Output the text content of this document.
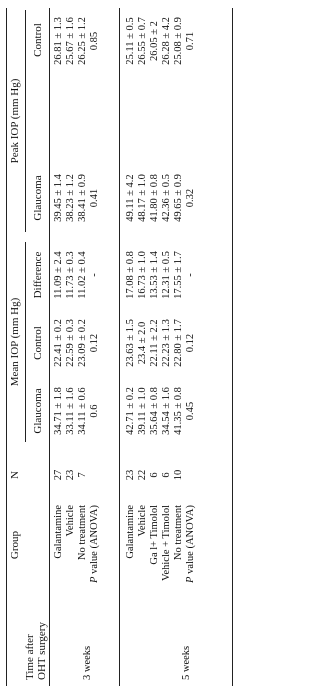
Time after OHT surgery
Group
N
Mean IOP (mm Hg)
Peak IOP (mm Hg)
Glaucoma
Control
Difference
Glaucoma
Control
3 weeks
Galantamine
27
34.71 ± 1.8
22.41 ± 0.2
11.09 ± 2.4
39.45 ± 1.4
26.81 ± 1.3
Vehicle
23
33.11 ± 1.6
22.59 ± 0.3
11.73 ± 0.3
38.23 ± 1.2
25.67 ± 1.6
No treatment
7
34.11 ± 0.6
23.09 ± 0.2
11.02 ± 0.4
38.41 ± 0.9
26.25 ± 1.2
P value (ANOVA)
0.6
0.12
-
0.41
0.85
5 weeks
Galantamine
23
42.71 ± 0.2
23.63 ± 1.5
17.08 ± 0.8
49.11 ± 4.2
25.11 ± 0.5
Vehicle
22
39.11 ± 1.0
23.4 ± 2.0
16.73 ± 1.0
48.17 ± 1.0
26.55 ± 0.7
Ga l+ Timolol
6
35.64 ± 0.8
22.11 ± 2.2
13.53 ± 1.4
41.80 ± 0.8
26.05 ± 2
Vehicle + Timolol
6
34.54 ± 1.6
22.23 ± 1.3
12.31 ± 0.5
42.36 ± 0.5
26.28 ± 4.2
No treatment
10
41.35 ± 0.8
22.80 ± 1.7
17.55 ± 1.7
49.65 ± 0.9
25.08 ± 0.9
P value (ANOVA)
0.45
0.12
-
0.32
0.71
